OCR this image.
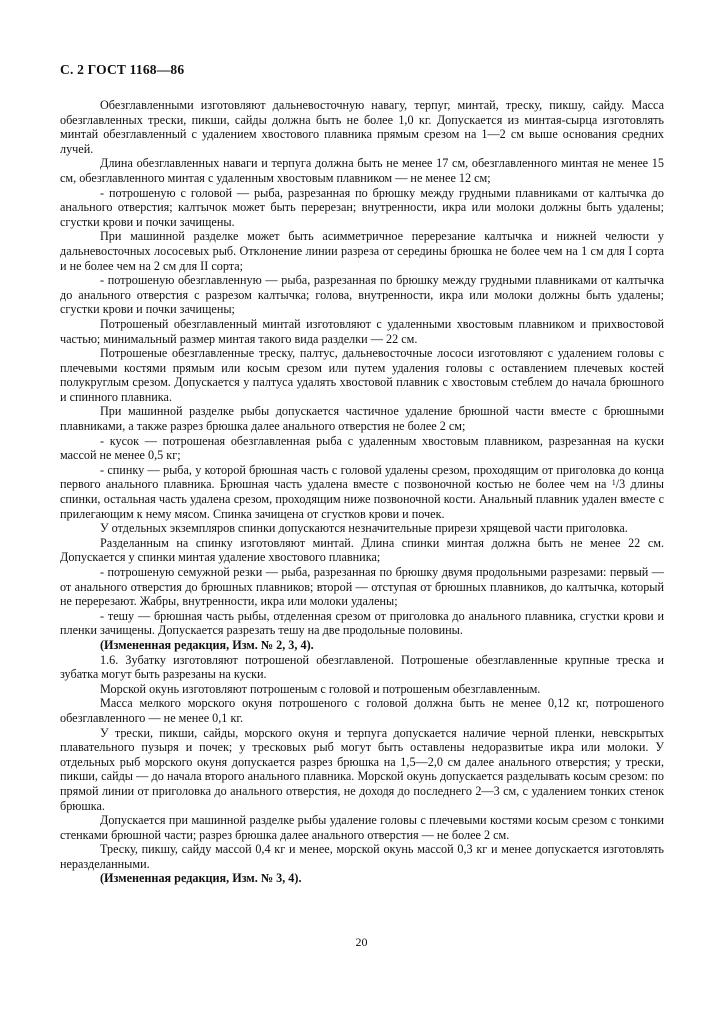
С. 2 ГОСТ 1168—86

Обезглавленными изготовляют дальневосточную навагу, терпуг, минтай, треску, пикшу, сайду. Масса обезглавленных трески, пикши, сайды должна быть не более 1,0 кг. Допускается из минтая-сырца изготовлять минтай обезглавленный с удалением хвостового плавника прямым срезом на 1—2 см выше основания средних лучей.

Длина обезглавленных наваги и терпуга должна быть не менее 17 см, обезглавленного минтая не менее 15 см, обезглавленного минтая с удаленным хвостовым плавником — не менее 12 см;

- потрошеную с головой — рыба, разрезанная по брюшку между грудными плавниками от калтычка до анального отверстия; калтычок может быть перерезан; внутренности, икра или молоки должны быть удалены; сгустки крови и почки зачищены.

При машинной разделке может быть асимметричное перерезание калтычка и нижней челюсти у дальневосточных лососевых рыб. Отклонение линии разреза от середины брюшка не более чем на 1 см для I сорта и не более чем на 2 см для II сорта;

- потрошеную обезглавленную — рыба, разрезанная по брюшку между грудными плавниками от калтычка до анального отверстия с разрезом калтычка; голова, внутренности, икра или молоки должны быть удалены; сгустки крови и почки зачищены;

Потрошеный обезглавленный минтай изготовляют с удаленными хвостовым плавником и прихвостовой частью; минимальный размер минтая такого вида разделки — 22 см.

Потрошеные обезглавленные треску, палтус, дальневосточные лососи изготовляют с удалением головы с плечевыми костями прямым или косым срезом или путем удаления головы с оставлением плечевых костей полукруглым срезом. Допускается у палтуса удалять хвостовой плавник с хвостовым стеблем до начала брюшного и спинного плавника.

При машинной разделке рыбы допускается частичное удаление брюшной части вместе с брюшными плавниками, а также разрез брюшка далее анального отверстия не более 2 см;

- кусок — потрошеная обезглавленная рыба с удаленным хвостовым плавником, разрезанная на куски массой не менее 0,5 кг;

- спинку — рыба, у которой брюшная часть с головой удалены срезом, проходящим от приголовка до конца первого анального плавника. Брюшная часть удалена вместе с позвоночной костью не более чем на $^1$/3 длины спинки, остальная часть удалена срезом, проходящим ниже позвоночной кости. Анальный плавник удален вместе с прилегающим к нему мясом. Спинка зачищена от сгустков крови и почек.

У отдельных экземпляров спинки допускаются незначительные прирези хрящевой части приголовка.

Разделанным на спинку изготовляют минтай. Длина спинки минтая должна быть не менее 22 см. Допускается у спинки минтая удаление хвостового плавника;

- потрошеную семужной резки — рыба, разрезанная по брюшку двумя продольными разрезами: первый — от анального отверстия до брюшных плавников; второй — отступая от брюшных плавников, до калтычка, который не перерезают. Жабры, внутренности, икра или молоки удалены;

- тешу — брюшная часть рыбы, отделенная срезом от приголовка до анального плавника, сгустки крови и пленки зачищены. Допускается разрезать тешу на две продольные половины.

(Измененная редакция, Изм. № 2, 3, 4).

1.6. Зубатку изготовляют потрошеной обезглавленой. Потрошеные обезглавленные крупные треска и зубатка могут быть разрезаны на куски.

Морской окунь изготовляют потрошеным с головой и потрошеным обезглавленным.

Масса мелкого морского окуня потрошеного с головой должна быть не менее 0,12 кг, потрошеного обезглавленного — не менее 0,1 кг.

У трески, пикши, сайды, морского окуня и терпуга допускается наличие черной пленки, невскрытых плавательного пузыря и почек; у тресковых рыб могут быть оставлены недоразвитые икра или молоки. У отдельных рыб морского окуня допускается разрез брюшка на 1,5—2,0 см далее анального отверстия; у трески, пикши, сайды — до начала второго анального плавника. Морской окунь допускается разделывать косым срезом: по прямой линии от приголовка до анального отверстия, не доходя до последнего 2—3 см, с удалением тонких стенок брюшка.

Допускается при машинной разделке рыбы удаление головы с плечевыми костями косым срезом с тонкими стенками брюшной части; разрез брюшка далее анального отверстия — не более 2 см.

Треску, пикшу, сайду массой 0,4 кг и менее, морской окунь массой 0,3 кг и менее допускается изготовлять неразделанными.

(Измененная редакция, Изм. № 3, 4).

20
